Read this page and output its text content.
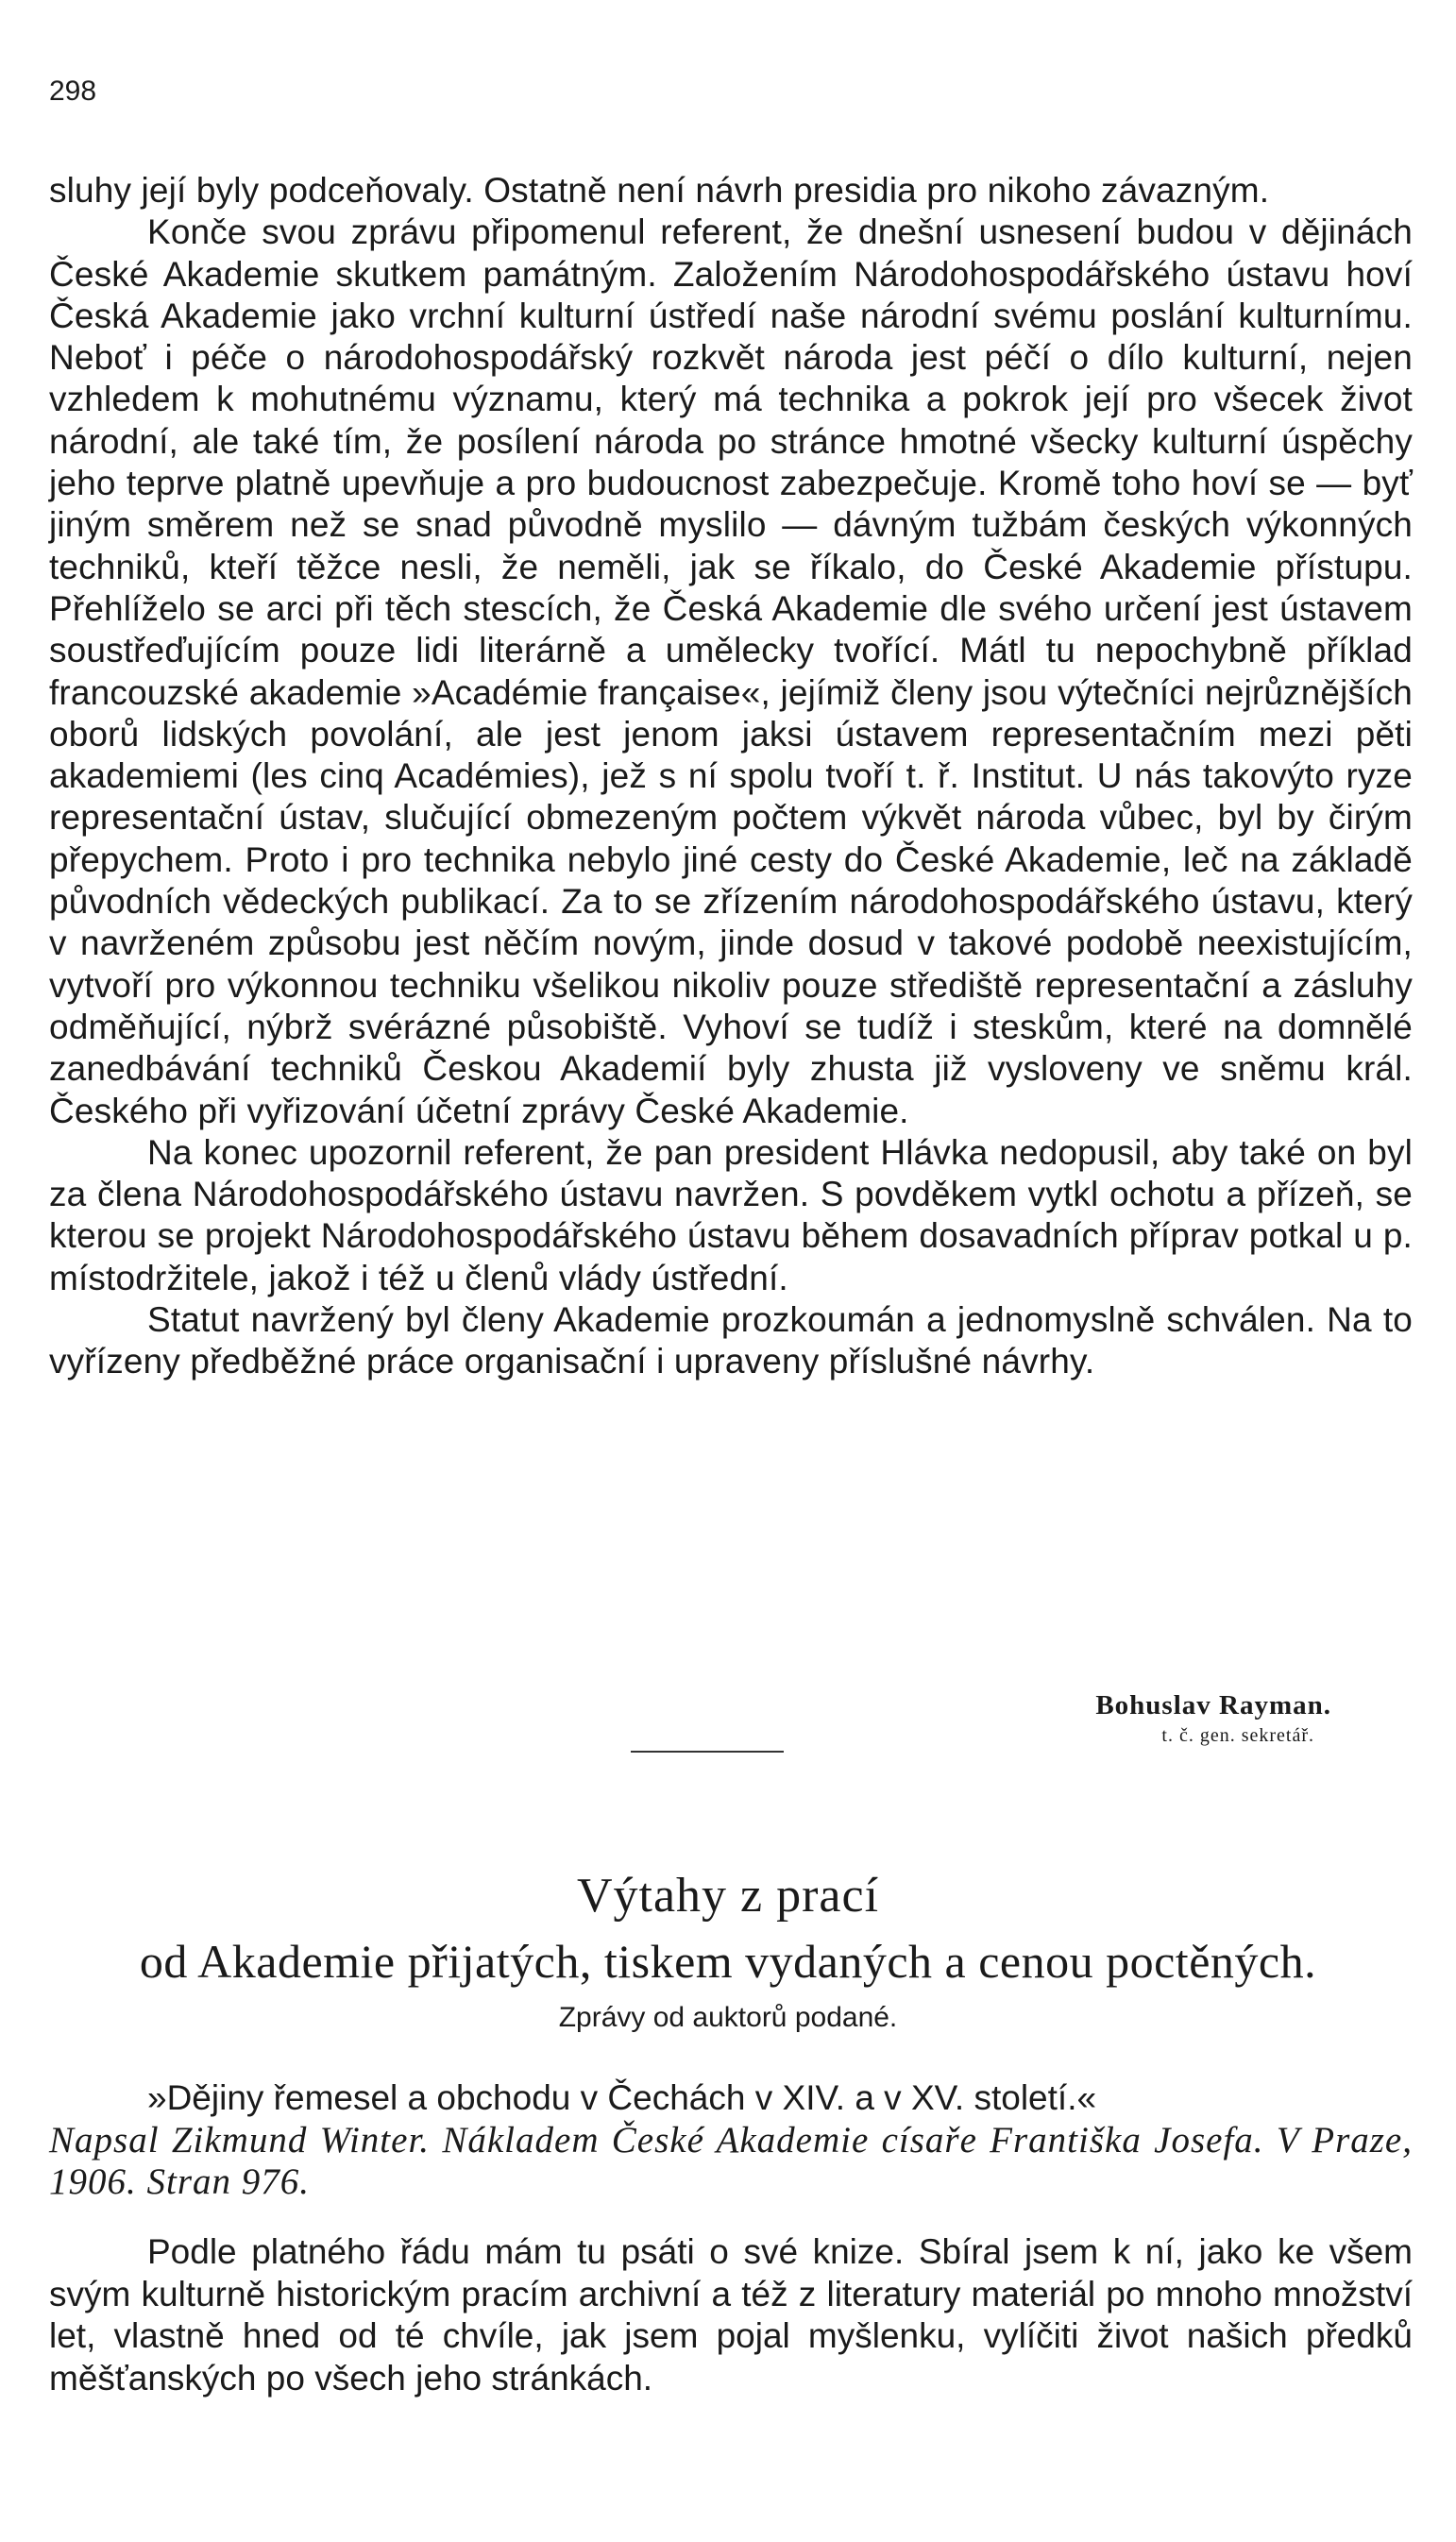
298

sluhy její byly podceňovaly. Ostatně není návrh presidia pro nikoho závazným.

Konče svou zprávu připomenul referent, že dnešní usnesení budou v dějinách České Akademie skutkem památným. Založením Národohospodářského ústavu hoví Česká Akademie jako vrchní kulturní ústředí naše národní svému poslání kulturnímu. Neboť i péče o národohospodářský rozkvět národa jest péčí o dílo kulturní, nejen vzhledem k mohutnému významu, který má technika a pokrok její pro všecek život národní, ale také tím, že posílení národa po stránce hmotné všecky kulturní úspěchy jeho teprve platně upevňuje a pro budoucnost zabezpečuje. Kromě toho hoví se — byť jiným směrem než se snad původně myslilo — dávným tužbám českých výkonných techniků, kteří těžce nesli, že neměli, jak se říkalo, do České Akademie přístupu. Přehlíželo se arci při těch stescích, že Česká Akademie dle svého určení jest ústavem soustřeďujícím pouze lidi literárně a umělecky tvořící. Mátl tu nepochybně příklad francouzské akademie »Académie française«, jejímiž členy jsou výtečníci nejrůznějších oborů lidských povolání, ale jest jenom jaksi ústavem representačním mezi pěti akademiemi (les cinq Académies), jež s ní spolu tvoří t. ř. Institut. U nás takovýto ryze representační ústav, slučující obmezeným počtem výkvět národa vůbec, byl by čirým přepychem. Proto i pro technika nebylo jiné cesty do České Akademie, leč na základě původních vědeckých publikací. Za to se zřízením národohospodářského ústavu, který v navrženém způsobu jest něčím novým, jinde dosud v takové podobě neexistujícím, vytvoří pro výkonnou techniku všelikou nikoliv pouze střediště representační a zásluhy odměňující, nýbrž svérázné působiště. Vyhoví se tudíž i steskům, které na domnělé zanedbávání techniků Českou Akademií byly zhusta již vysloveny ve sněmu král. Českého při vyřizování účetní zprávy České Akademie.

Na konec upozornil referent, že pan president Hlávka nedopusil, aby také on byl za člena Národohospodářského ústavu navržen. S povděkem vytkl ochotu a přízeň, se kterou se projekt Národohospodářského ústavu během dosavadních příprav potkal u p. místodržitele, jakož i též u členů vlády ústřední.

Statut navržený byl členy Akademie prozkoumán a jednomyslně schválen. Na to vyřízeny předběžné práce organisační i upraveny příslušné návrhy.

Bohuslav Rayman.
t. č. gen. sekretář.
Výtahy z prací
od Akademie přijatých, tiskem vydaných a cenou poctěných.
Zprávy od auktorů podané.

»Dějiny řemesel a obchodu v Čechách v XIV. a v XV. století.«

Napsal Zikmund Winter. Nákladem České Akademie císaře Františka Josefa. V Praze, 1906. Stran 976.

Podle platného řádu mám tu psáti o své knize. Sbíral jsem k ní, jako ke všem svým kulturně historickým pracím archivní a též z literatury materiál po mnoho množství let, vlastně hned od té chvíle, jak jsem pojal myšlenku, vylíčiti život našich předků měšťanských po všech jeho stránkách.
